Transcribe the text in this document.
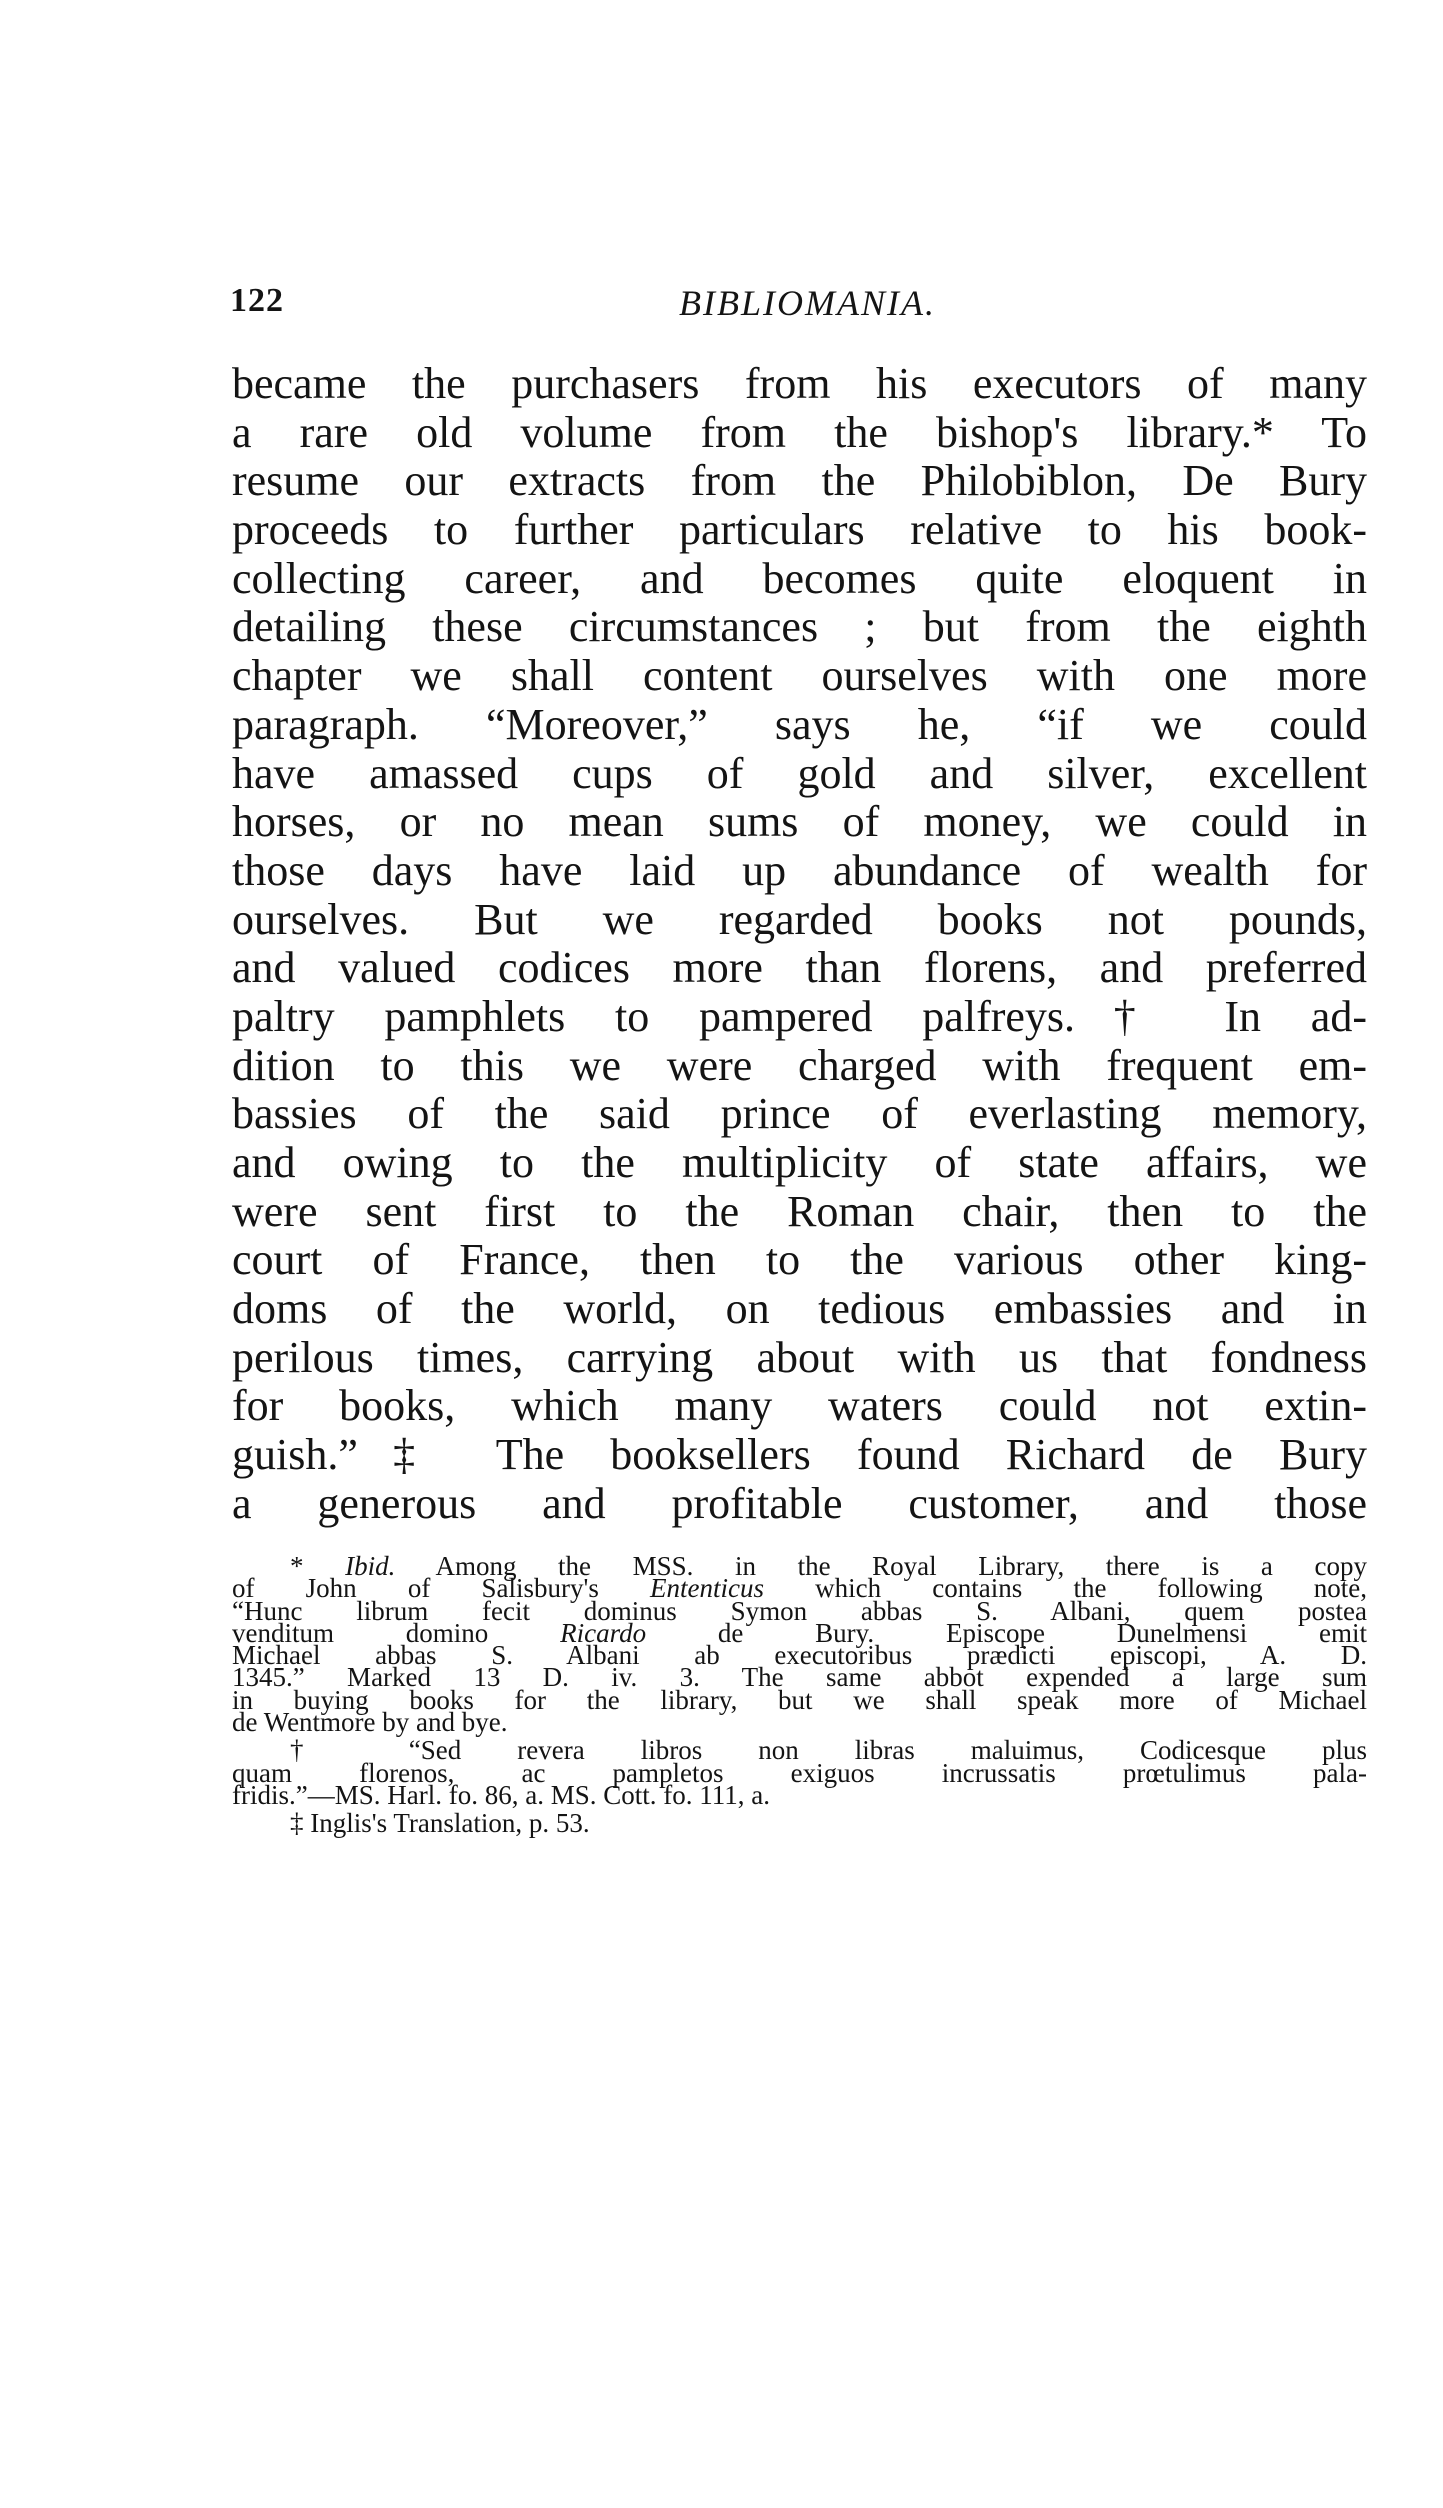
122	BIBLIOMANIA.
became the purchasers from his executors of many
a rare old volume from the bishop's library.* To
resume our extracts from the Philobiblon, De Bury
proceeds to further particulars relative to his book-
collecting career, and becomes quite eloquent in
detailing these circumstances ; but from the eighth
chapter we shall content ourselves with one more
paragraph. “Moreover,” says he, “if we could
have amassed cups of gold and silver, excellent
horses, or no mean sums of money, we could in
those days have laid up abundance of wealth for
ourselves. But we regarded books not pounds,
and valued codices more than florens, and preferred
paltry pamphlets to pampered palfreys.† In ad-
dition to this we were charged with frequent em-
bassies of the said prince of everlasting memory,
and owing to the multiplicity of state affairs, we
were sent first to the Roman chair, then to the
court of France, then to the various other king-
doms of the world, on tedious embassies and in
perilous times, carrying about with us that fondness
for books, which many waters could not extin-
guish.”‡ The booksellers found Richard de Bury
a generous and profitable customer, and those
* Ibid. Among the MSS. in the Royal Library, there is a copy
of John of Salisbury's Ententicus which contains the following note,
“Hunc librum fecit dominus Symon abbas S. Albani, quem postea
venditum domino Ricardo de Bury. Episcope Dunelmensi emit
Michael abbas S. Albani ab executoribus prædicti episcopi, A. D.
1345.” Marked 13 D. iv. 3. The same abbot expended a large sum
in buying books for the library, but we shall speak more of Michael
de Wentmore by and bye.
† “Sed revera libros non libras maluimus, Codicesque plus
quam florenos, ac pampletos exiguos incrussatis prœtulimus pala-
fridis.”—MS. Harl. fo. 86, a. MS. Cott. fo. 111, a.
‡ Inglis's Translation, p. 53.
